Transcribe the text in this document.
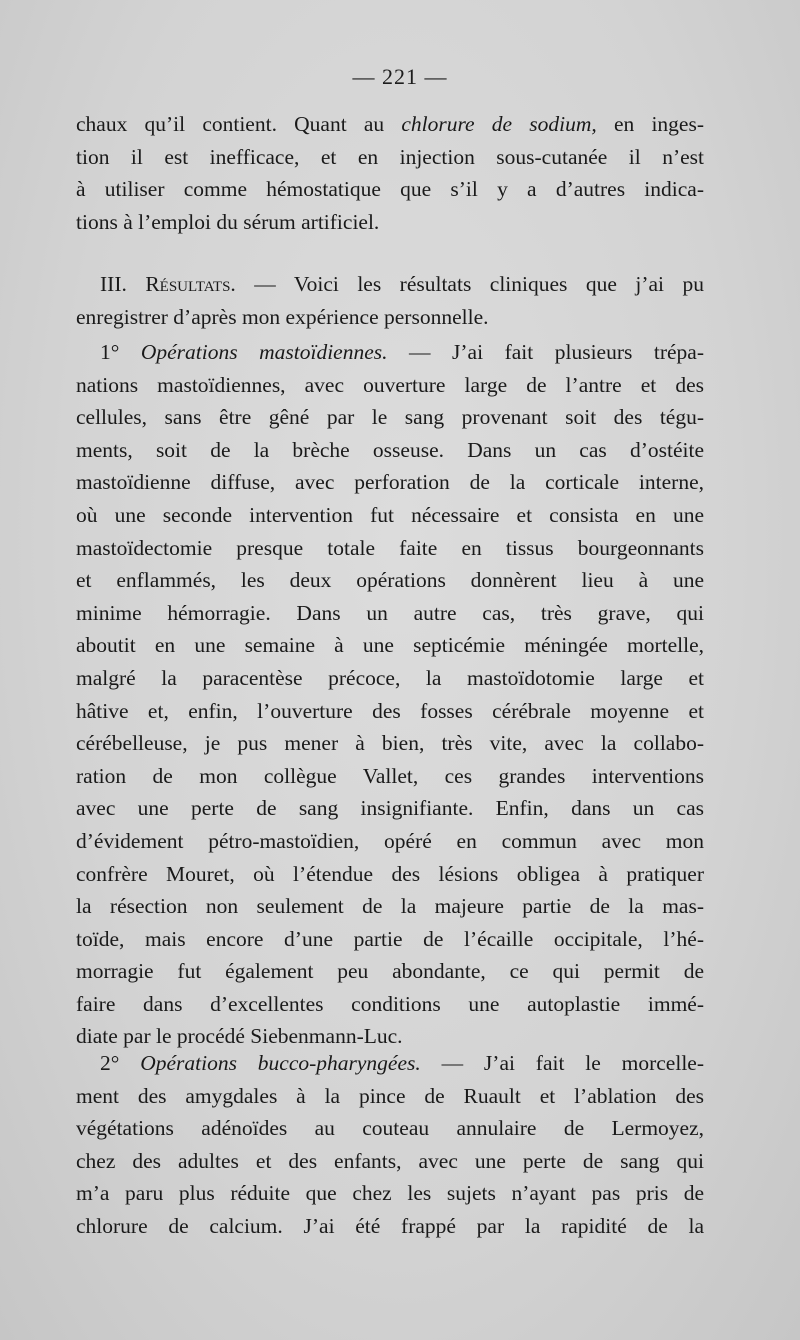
— 221 —
chaux qu’il contient. Quant au chlorure de sodium, en inges-
tion il est inefficace, et en injection sous-cutanée il n’est
à utiliser comme hémostatique que s’il y a d’autres indica-
tions à l’emploi du sérum artificiel.
III. Résultats. — Voici les résultats cliniques que j’ai pu
enregistrer d’après mon expérience personnelle.
1° Opérations mastoïdiennes. — J’ai fait plusieurs trépa-
nations mastoïdiennes, avec ouverture large de l’antre et des
cellules, sans être gêné par le sang provenant soit des tégu-
ments, soit de la brèche osseuse. Dans un cas d’ostéite
mastoïdienne diffuse, avec perforation de la corticale interne,
où une seconde intervention fut nécessaire et consista en une
mastoïdectomie presque totale faite en tissus bourgeonnants
et enflammés, les deux opérations donnèrent lieu à une
minime hémorragie. Dans un autre cas, très grave, qui
aboutit en une semaine à une septicémie méningée mortelle,
malgré la paracentèse précoce, la mastoïdotomie large et
hâtive et, enfin, l’ouverture des fosses cérébrale moyenne et
cérébelleuse, je pus mener à bien, très vite, avec la collabo-
ration de mon collègue Vallet, ces grandes interventions
avec une perte de sang insignifiante. Enfin, dans un cas
d’évidement pétro-mastoïdien, opéré en commun avec mon
confrère Mouret, où l’étendue des lésions obligea à pratiquer
la résection non seulement de la majeure partie de la mas-
toïde, mais encore d’une partie de l’écaille occipitale, l’hé-
morragie fut également peu abondante, ce qui permit de
faire dans d’excellentes conditions une autoplastie immé-
diate par le procédé Siebenmann-Luc.
2° Opérations bucco-pharyngées. — J’ai fait le morcelle-
ment des amygdales à la pince de Ruault et l’ablation des
végétations adénoïdes au couteau annulaire de Lermoyez,
chez des adultes et des enfants, avec une perte de sang qui
m’a paru plus réduite que chez les sujets n’ayant pas pris de
chlorure de calcium. J’ai été frappé par la rapidité de la
